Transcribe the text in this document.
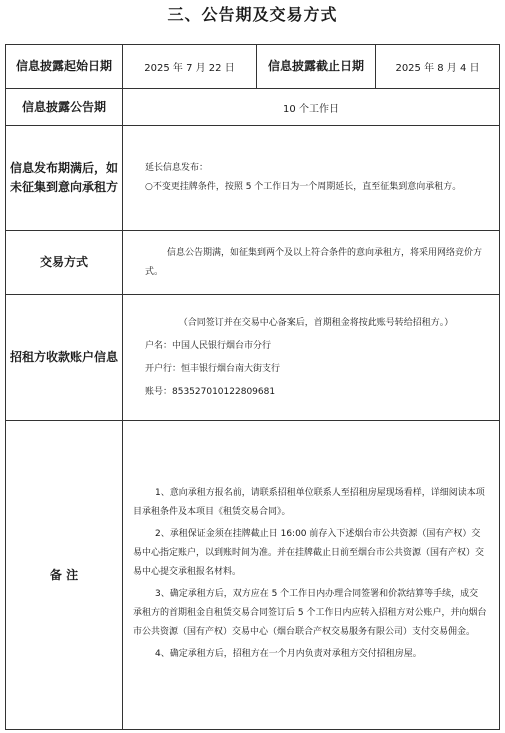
三、公告期及交易方式
信息披露起始日期	2025 年 7 月 22 日	信息披露截止日期	2025 年 8 月 4 日
信息披露公告期	10 个工作日		
信息发布期满后，如未征集到意向承租方	延长信息发布：

○不变更挂牌条件，按照 5 个工作日为一个周期延长，直至征集到意向承租方。		

交易方式	信息公告期满，如征集到两个及以上符合条件的意向承租方，将采用网络竞价方式。		

招租方收款账户信息	（合同签订并在交易中心备案后，首期租金将按此账号转给招租方。）

户名：中国人民银行烟台市分行

开户行：恒丰银行烟台南大街支行

账号：853527010122809681		

备 注	1、意向承租方报名前，请联系招租单位联系人至招租房屋现场看样，详细阅读本项目承租条件及本项目《租赁交易合同》。

2、承租保证金须在挂牌截止日 16:00 前存入下述烟台市公共资源（国有产权）交易中心指定账户，以到账时间为准。并在挂牌截止日前至烟台市公共资源（国有产权）交易中心提交承租报名材料。

3、确定承租方后，双方应在 5 个工作日内办理合同签署和价款结算等手续，成交承租方的首期租金自租赁交易合同签订后 5 个工作日内应转入招租方对公账户，并向烟台市公共资源（国有产权）交易中心（烟台联合产权交易服务有限公司）支付交易佣金。

4、确定承租方后，招租方在一个月内负责对承租方交付招租房屋。		
